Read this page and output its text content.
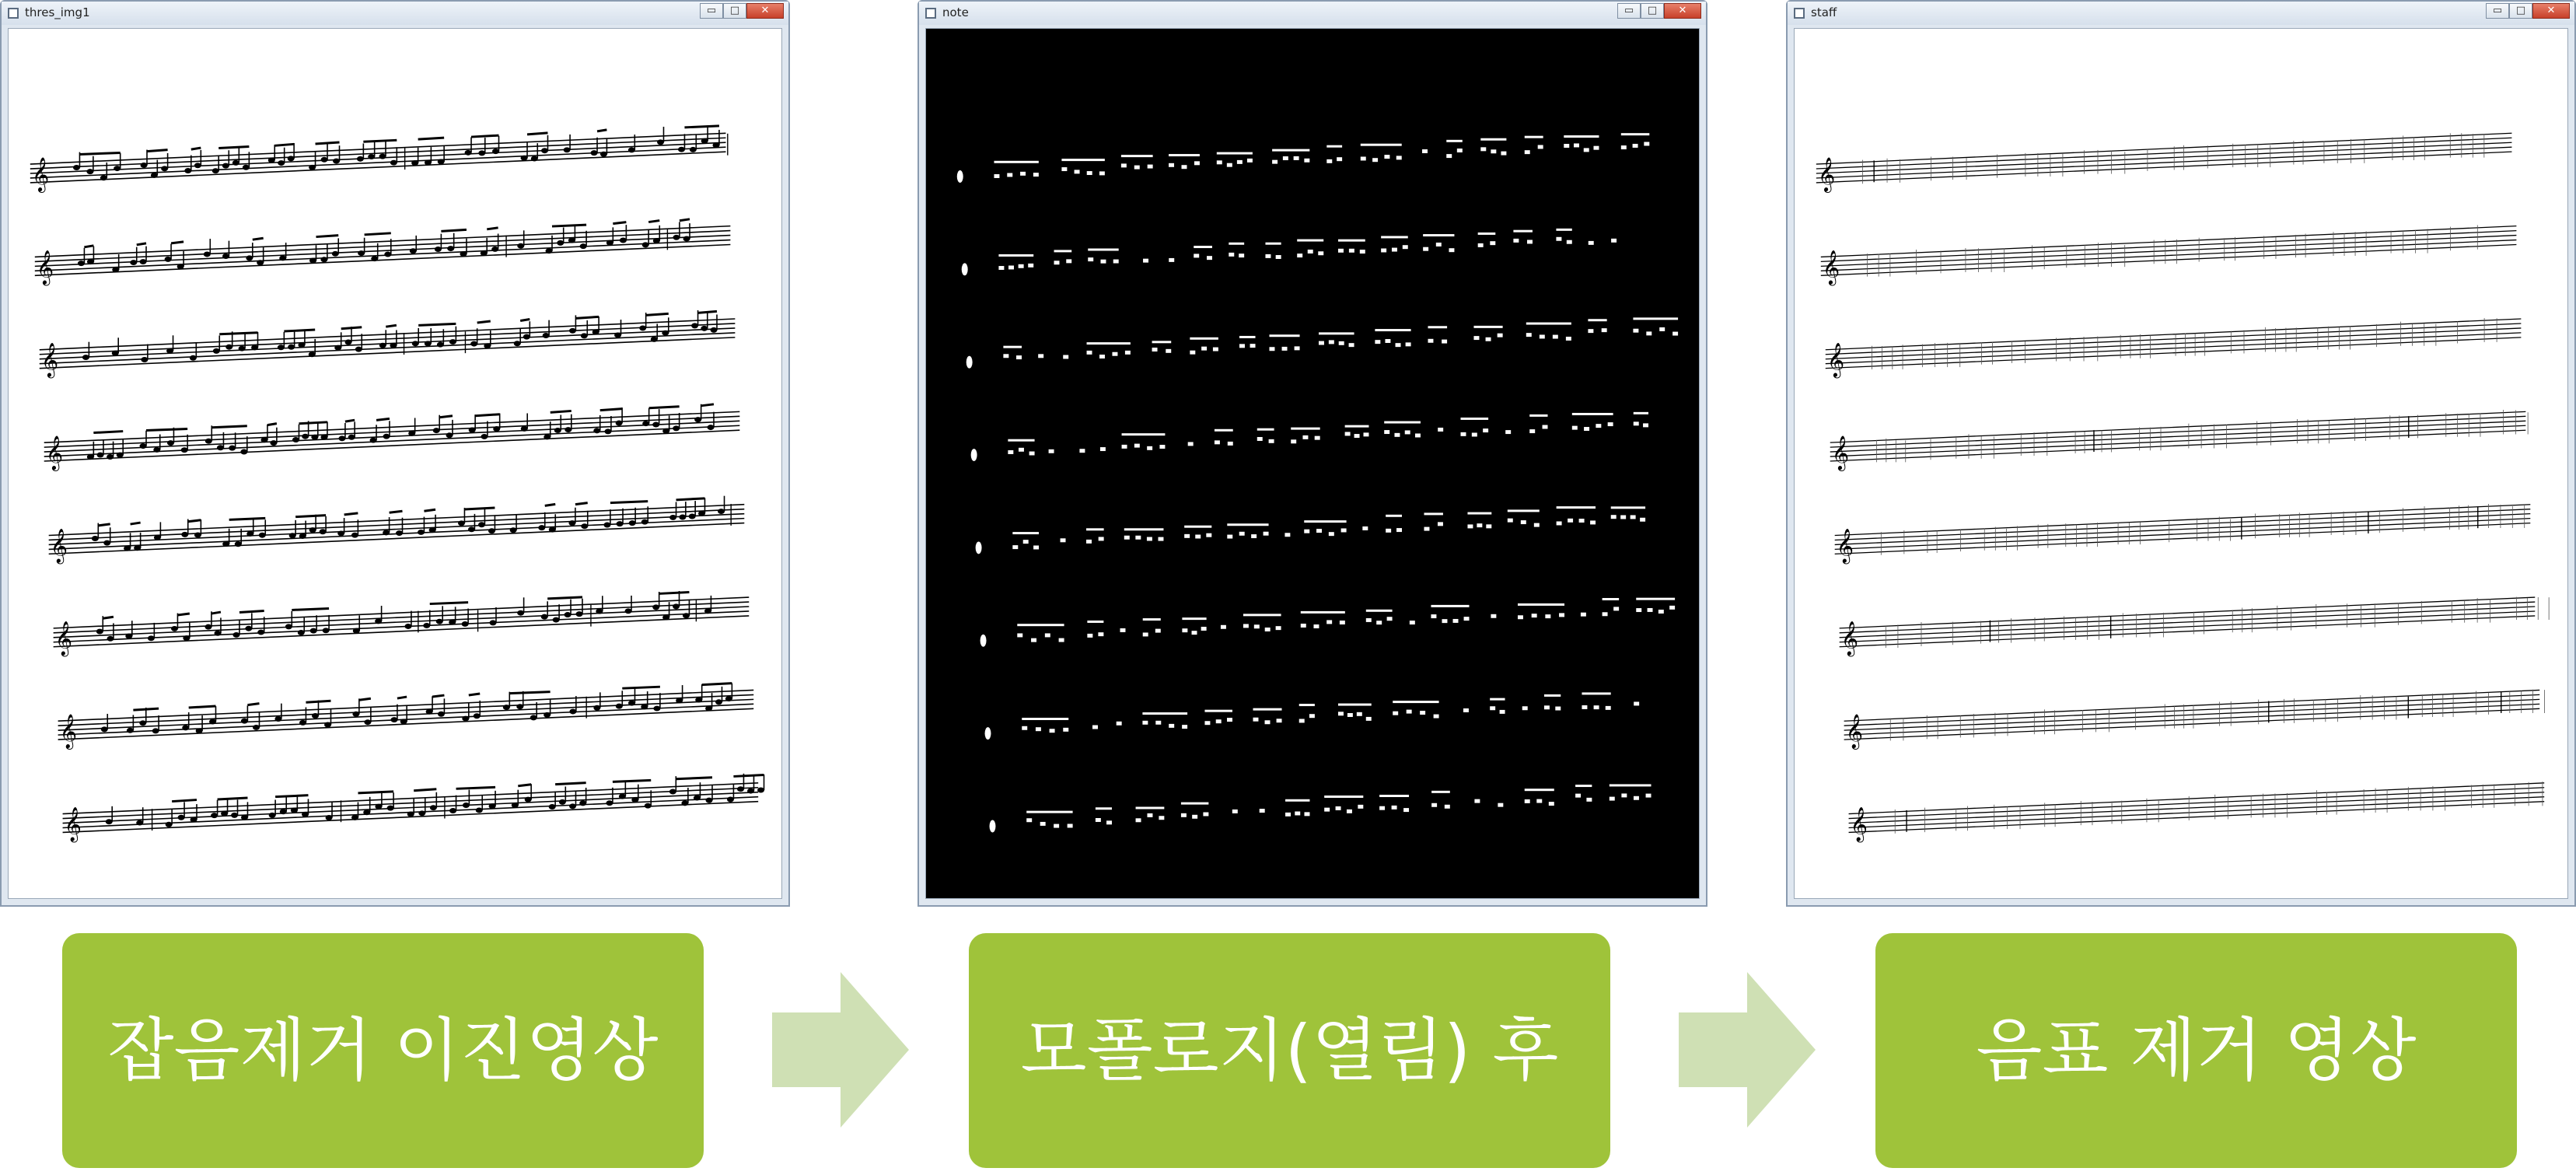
thres_img1	▭	□	✕
𝄞
𝄞
𝄞
𝄞
𝄞
𝄞
𝄞
𝄞
note	▭	□	✕	staff	▭	□	✕
𝄞
𝄞
𝄞
𝄞
𝄞
𝄞
𝄞
𝄞
잡음제거 이진영상	모폴로지(열림) 후	음표 제거 영상
